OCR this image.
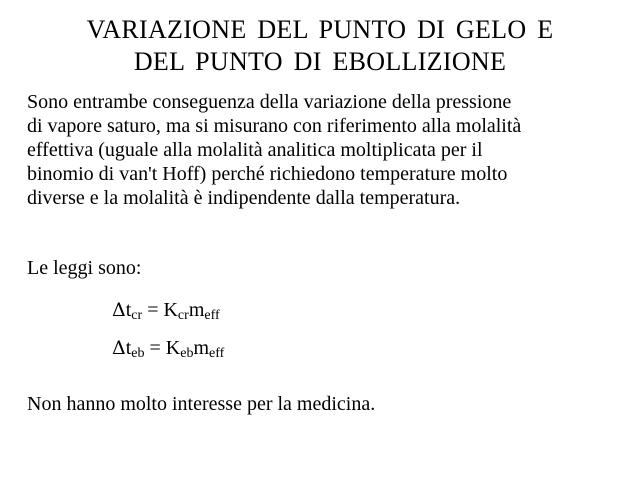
VARIAZIONE DEL PUNTO DI GELO E
DEL PUNTO DI EBOLLIZIONE
Sono entrambe conseguenza della variazione della pressione
di vapore saturo, ma si misurano con riferimento alla molalità
effettiva (uguale alla molalità analitica moltiplicata per il
binomio di van't Hoff) perché richiedono temperature molto
diverse e la molalità è indipendente dalla temperatura.
Le leggi sono:
$\Delta t_{cr} = K_{cr}m_{eff}$
$\Delta t_{eb} = K_{eb}m_{eff}$
Non hanno molto interesse per la medicina.
